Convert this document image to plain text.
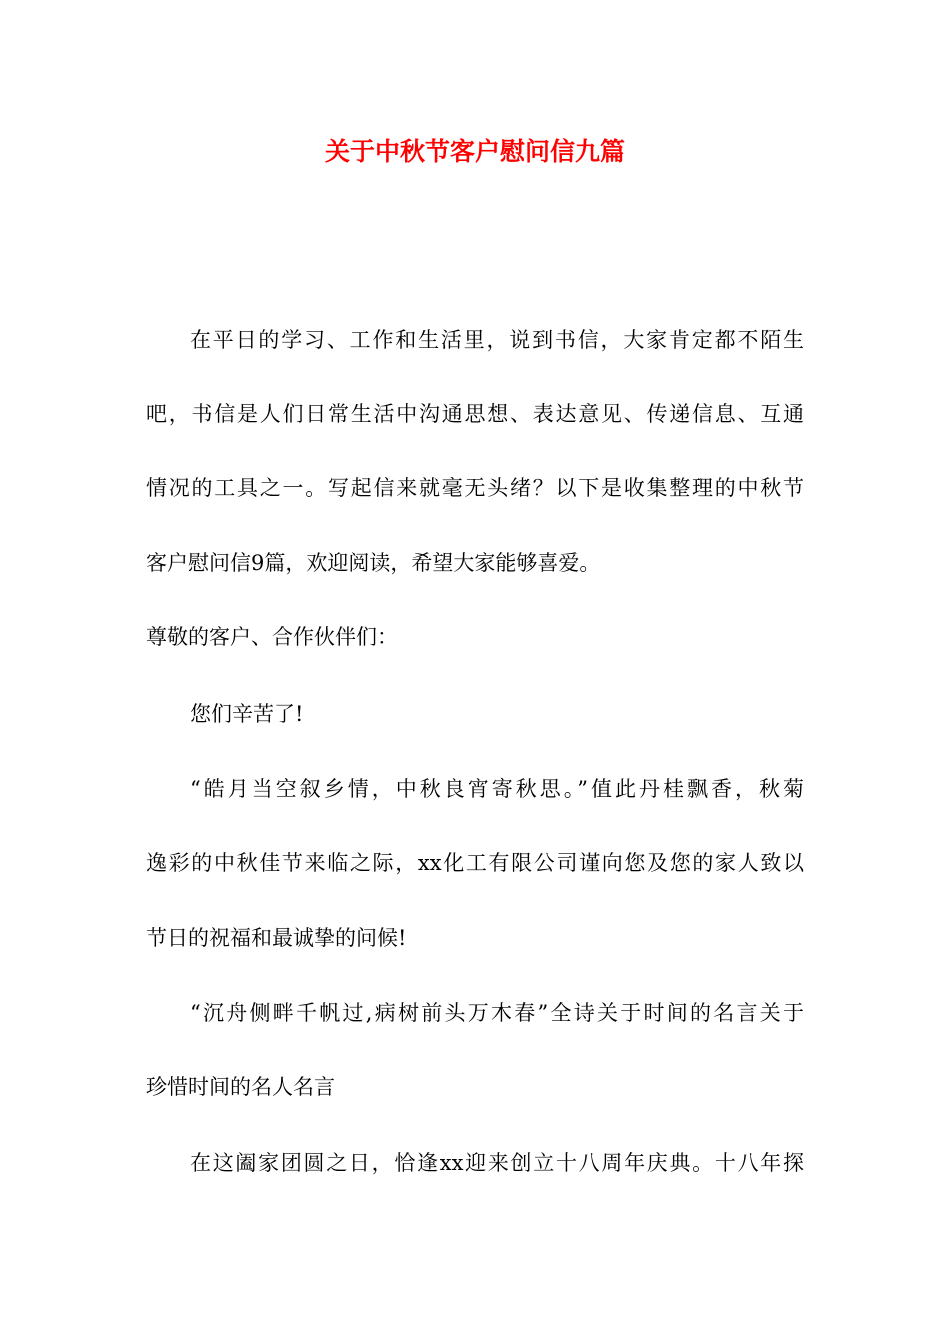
关于中秋节客户慰问信九篇
在平日的学习、工作和生活里，说到书信，大家肯定都不陌生
吧，书信是人们日常生活中沟通思想、表达意见、传递信息、互通
情况的工具之一。写起信来就毫无头绪？以下是收集整理的中秋节
客户慰问信9篇，欢迎阅读，希望大家能够喜爱。
尊敬的客户、合作伙伴们：
您们辛苦了!
“皓月当空叙乡情，中秋良宵寄秋思。”值此丹桂飘香，秋菊
逸彩的中秋佳节来临之际，xx化工有限公司谨向您及您的家人致以
节日的祝福和最诚挚的问候!
“沉舟侧畔千帆过,病树前头万木春”全诗关于时间的名言关于
珍惜时间的名人名言
在这阖家团圆之日，恰逢xx迎来创立十八周年庆典。十八年探
